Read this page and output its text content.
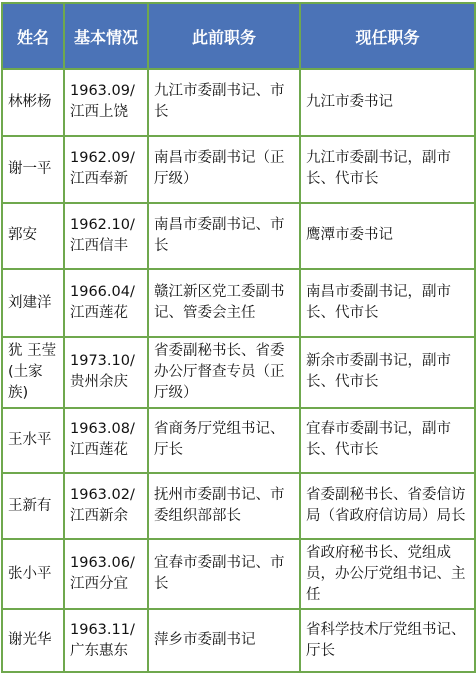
姓名	基本情况	此前职务	现任职务
林彬杨	1963.09/江西上饶	九江市委副书记、市长	九江市委书记
谢一平	1962.09/江西奉新	南昌市委副书记（正厅级）	九江市委副书记，副市长、代市长
郭安	1962.10/江西信丰	南昌市委副书记、市长	鹰潭市委书记
刘建洋	1966.04/江西莲花	赣江新区党工委副书记、管委会主任	南昌市委副书记，副市长、代市长
犹 王莹(土家族)	1973.10/贵州余庆	省委副秘书长、省委办公厅督查专员（正厅级）	新余市委副书记，副市长、代市长
王水平	1963.08/江西莲花	省商务厅党组书记、厅长	宜春市委副书记，副市长、代市长
王新有	1963.02/江西新余	抚州市委副书记、市委组织部部长	省委副秘书长、省委信访局（省政府信访局）局长
张小平	1963.06/江西分宜	宜春市委副书记、市长	省政府秘书长、党组成员，办公厅党组书记、主任
谢光华	1963.11/广东惠东	萍乡市委副书记	省科学技术厅党组书记、厅长
